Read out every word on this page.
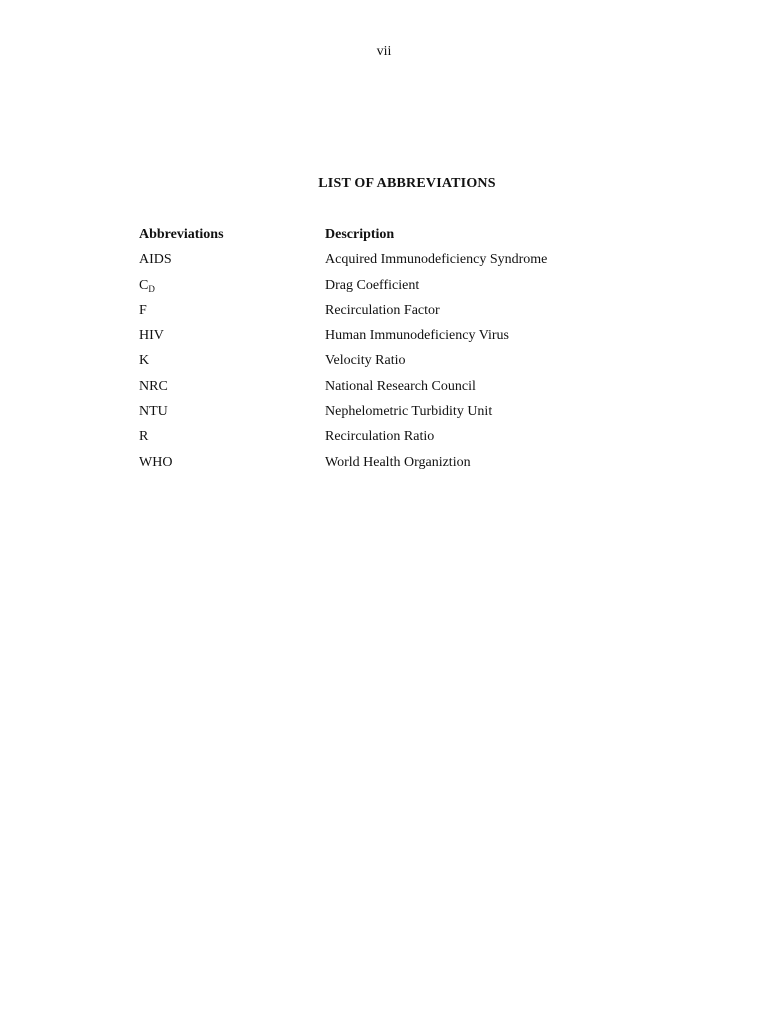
vii
LIST OF ABBREVIATIONS
Abbreviations	Description
AIDS	Acquired Immunodeficiency Syndrome
$C_D$	Drag Coefficient
F	Recirculation Factor
HIV	Human Immunodeficiency Virus
K	Velocity Ratio
NRC	National Research Council
NTU	Nephelometric Turbidity Unit
R	Recirculation Ratio
WHO	World Health Organiztion
